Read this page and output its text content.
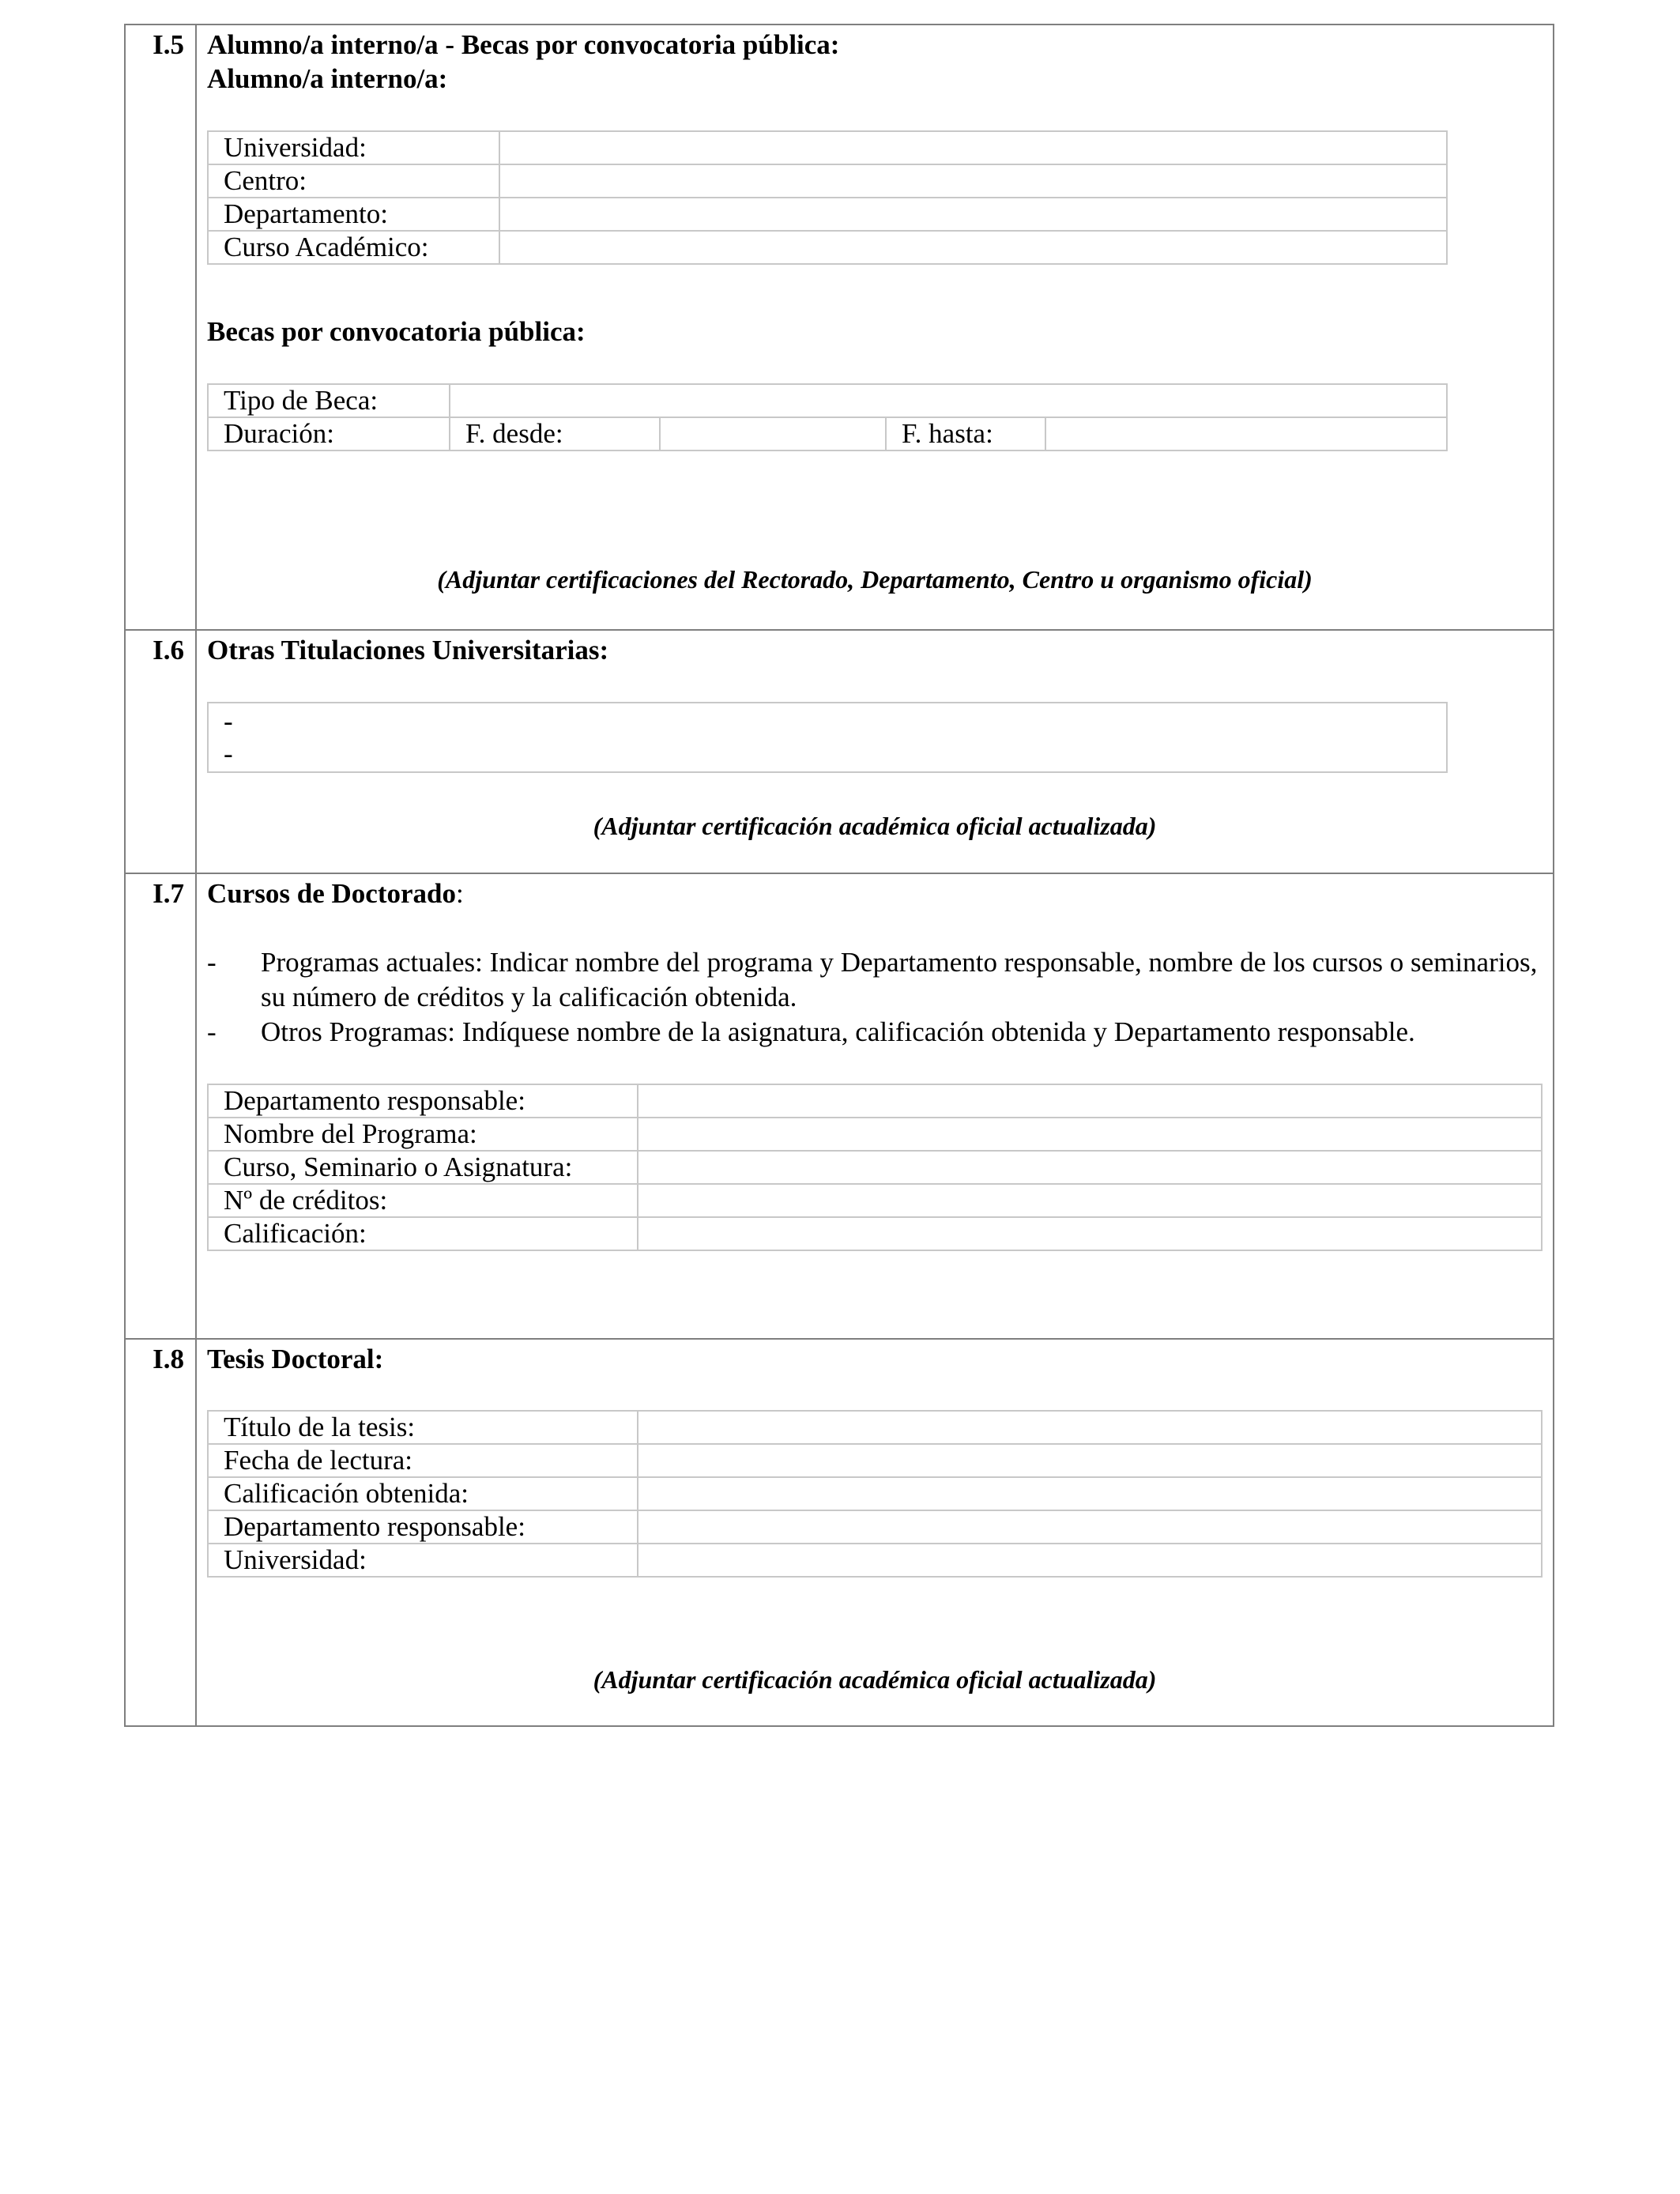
I.5 Alumno/a interno/a - Becas por convocatoria pública:
Alumno/a interno/a:
Universidad:	
Centro:	
Departamento:	
Curso Académico:	
Becas por convocatoria pública:
Tipo de Beca:				
Duración:	F. desde:		F. hasta:	
(Adjuntar certificaciones del Rectorado, Departamento, Centro u organismo oficial)
I.6 Otras Titulaciones Universitarias:
-
-
(Adjuntar certificación académica oficial actualizada)
I.7 Cursos de Doctorado:
- Programas actuales: Indicar nombre del programa y Departamento responsable, nombre de los cursos o seminarios, su número de créditos y la calificación obtenida.
- Otros Programas: Indíquese nombre de la asignatura, calificación obtenida y Departamento responsable.
Departamento responsable:	
Nombre del Programa:	
Curso, Seminario o Asignatura:	
Nº de créditos:	
Calificación:	
I.8 Tesis Doctoral:
Título de la tesis:	
Fecha de lectura:	
Calificación obtenida:	
Departamento responsable:	
Universidad:	
(Adjuntar certificación académica oficial actualizada)
